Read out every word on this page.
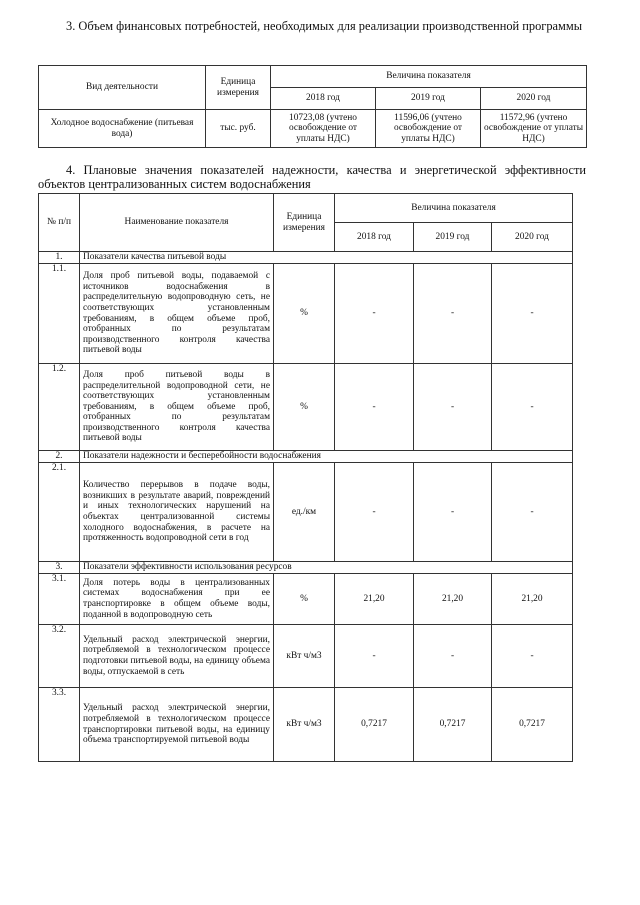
3. Объем финансовых потребностей, необходимых для реализации производственной программы
Вид деятельности	Единица измерения	Величина показателя		
		2018 год	2019 год	2020 год
Холодное водоснабжение (питьевая вода)	тыс. руб.	10723,08 (учтено освобождение от уплаты НДС)	11596,06 (учтено освобождение от уплаты НДС)	11572,96 (учтено освобождение от уплаты НДС)
4. Плановые значения показателей надежности, качества и энергетической эффективности объектов централизованных систем водоснабжения
№ п/п	Наименование показателя	Единица измерения	Величина показателя		
			2018 год	2019 год	2020 год
1.	Показатели качества питьевой воды				
1.1.	Доля проб питьевой воды, подаваемой с источников водоснабжения в распределительную водопроводную сеть, не соответствующих установленным требованиям, в общем объеме проб, отобранных по результатам производственного контроля качества питьевой воды	%	-	-	-
1.2.	Доля проб питьевой воды в распределительной водопроводной сети, не соответствующих установленным требованиям, в общем объеме проб, отобранных по результатам производственного контроля качества питьевой воды	%	-	-	-
2.	Показатели надежности и бесперебойности водоснабжения				
2.1.	Количество перерывов в подаче воды, возникших в результате аварий, повреждений и иных технологических нарушений на объектах централизованной системы холодного водоснабжения, в расчете на протяженность водопроводной сети в год	ед./км	-	-	-
3.	Показатели эффективности использования ресурсов				
3.1.	Доля потерь воды в централизованных системах водоснабжения при ее транспортировке в общем объеме воды, поданной в водопроводную сеть	%	21,20	21,20	21,20
3.2.	Удельный расход электрической энергии, потребляемой в технологическом процессе подготовки питьевой воды, на единицу объема воды, отпускаемой в сеть	кВт ч/м3	-	-	-
3.3.	Удельный расход электрической энергии, потребляемой в технологическом процессе транспортировки питьевой воды, на единицу объема транспортируемой питьевой воды	кВт ч/м3	0,7217	0,7217	0,7217
